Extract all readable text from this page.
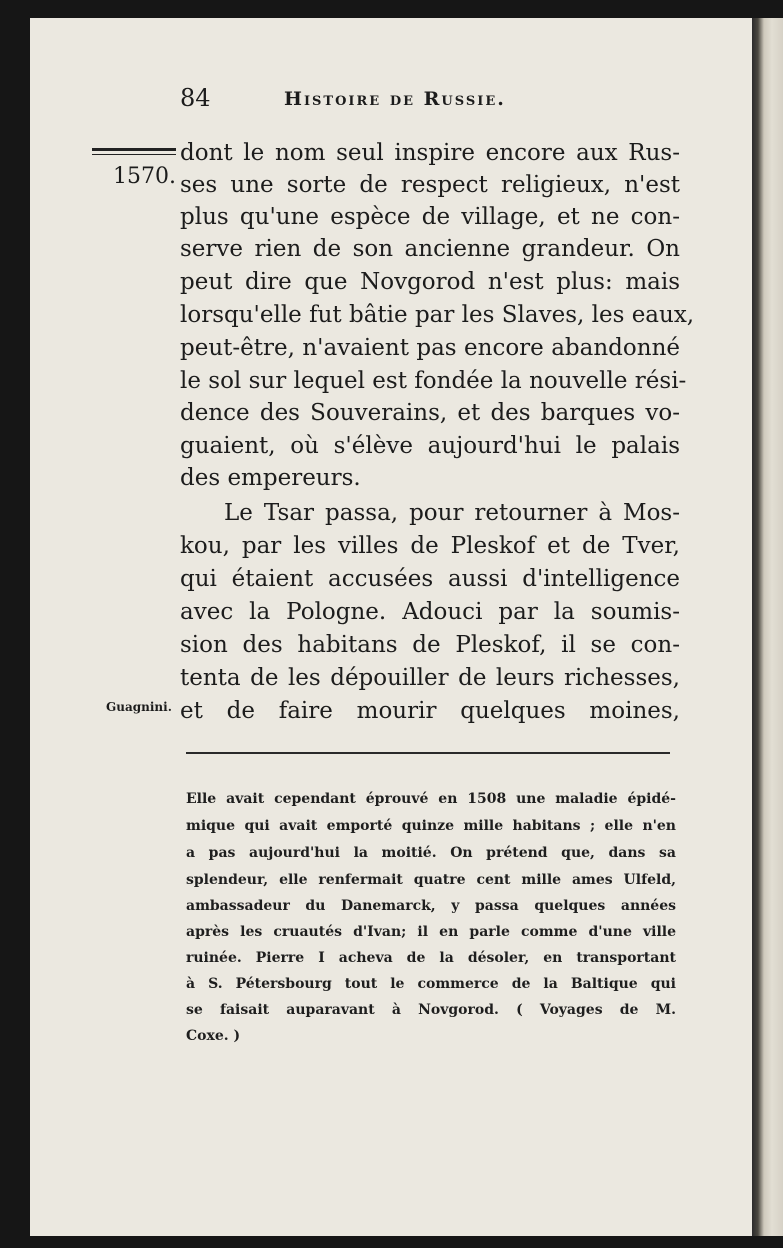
84	Histoire de Russie.
1570.
Guagnini.
dont le nom seul inspire encore aux Rus-
ses une sorte de respect religieux, n'est
plus qu'une espèce de village, et ne con-
serve rien de son ancienne grandeur. On
peut dire que Novgorod n'est plus: mais
lorsqu'elle fut bâtie par les Slaves, les eaux,
peut-être, n'avaient pas encore abandonné
le sol sur lequel est fondée la nouvelle rési-
dence des Souverains, et des barques vo-
guaient, où s'élève aujourd'hui le palais
des empereurs.
Le Tsar passa, pour retourner à Mos-
kou, par les villes de Pleskof et de Tver,
qui étaient accusées aussi d'intelligence
avec la Pologne. Adouci par la soumis-
sion des habitans de Pleskof, il se con-
tenta de les dépouiller de leurs richesses,
et de faire mourir quelques moines,
Elle avait cependant éprouvé en 1508 une maladie épidé-
mique qui avait emporté quinze mille habitans ; elle n'en
a pas aujourd'hui la moitié. On prétend que, dans sa
splendeur, elle renfermait quatre cent mille ames Ulfeld,
ambassadeur du Danemarck, y passa quelques années
après les cruautés d'Ivan; il en parle comme d'une ville
ruinée. Pierre I acheva de la désoler, en transportant
à S. Pétersbourg tout le commerce de la Baltique qui
se faisait auparavant à Novgorod. ( Voyages de M.
Coxe. )
